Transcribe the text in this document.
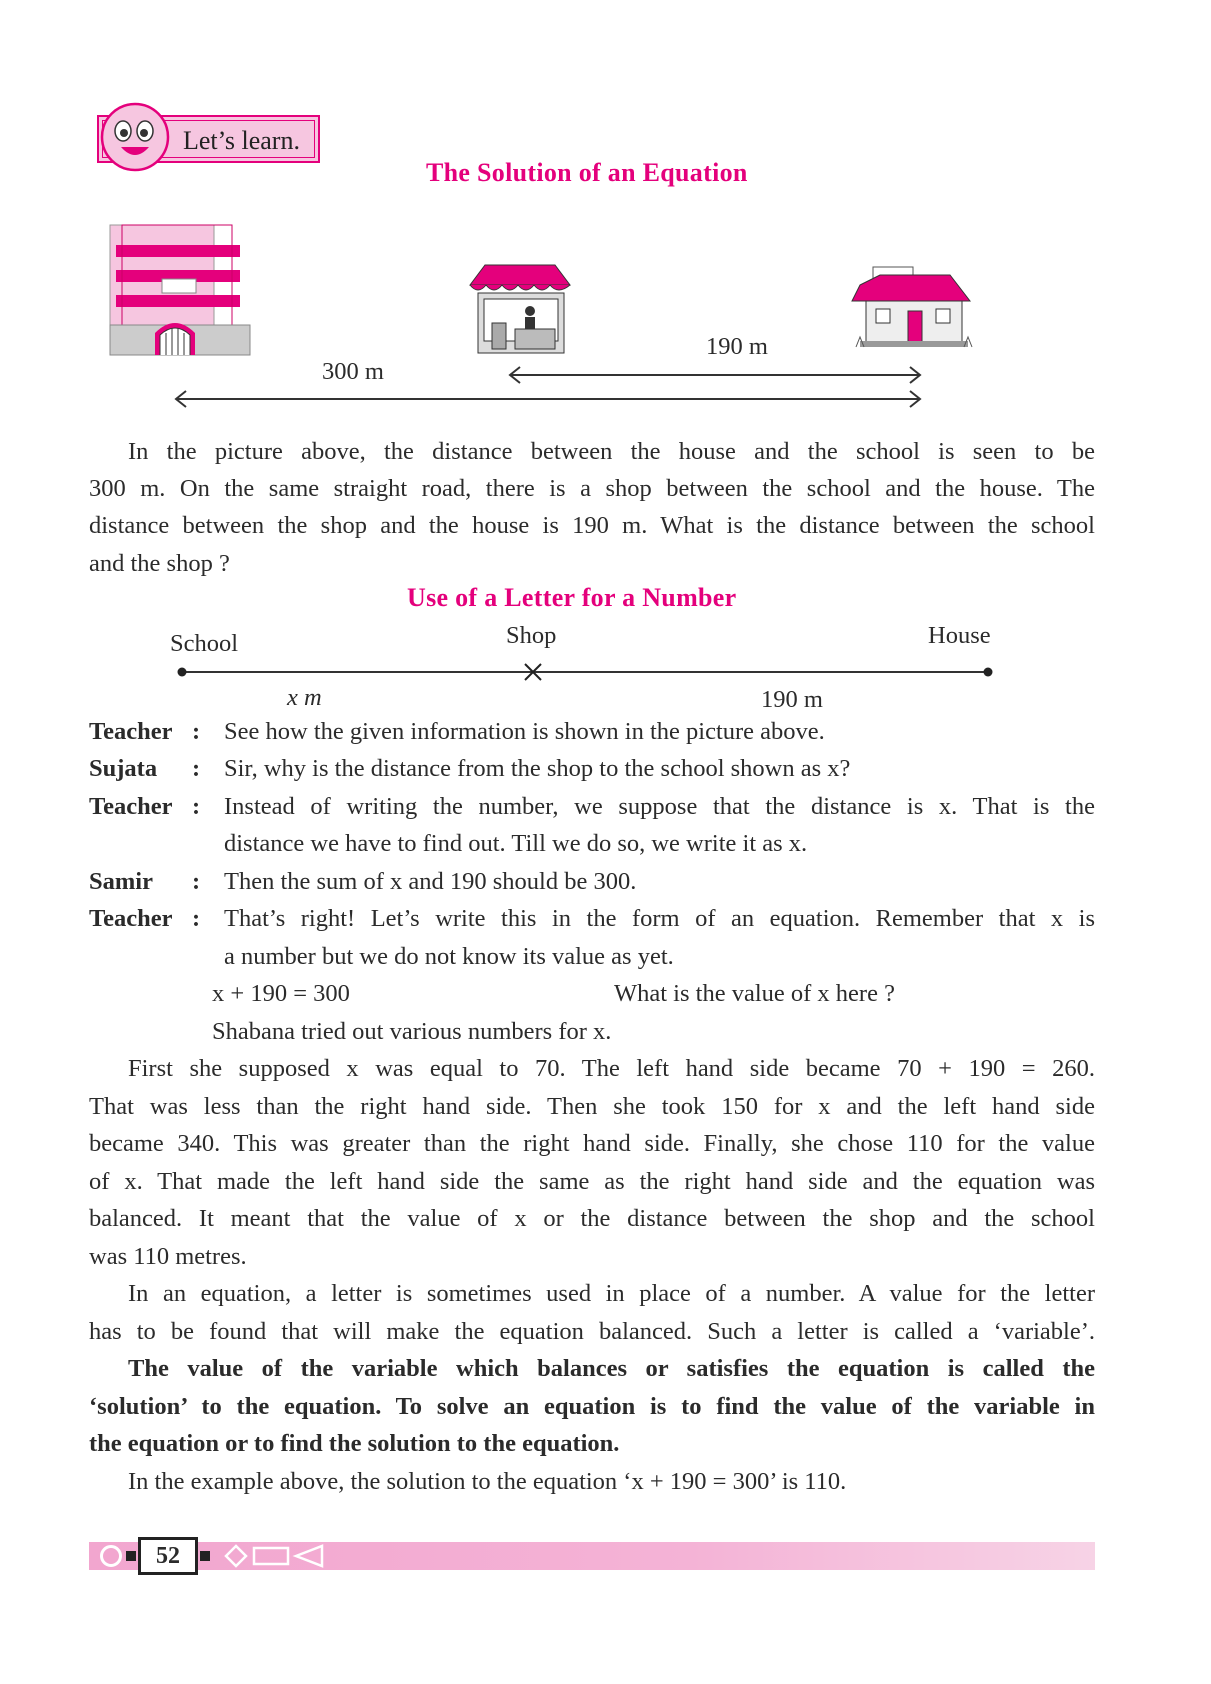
Let’s learn.
The Solution of an Equation
300 m
190 m
In the picture above, the distance between the house and the school is seen to be
300 m. On the same straight road, there is a shop between the school and the house. The
distance between the shop and the house is 190 m. What is the distance between the school
and the shop ?
Use of a Letter for a Number
School	Shop	House
x m	190 m
Teacher : See how the given information is shown in the picture above.
Sujata : Sir, why is the distance from the shop to the school shown as x?
Teacher : Instead of writing the number, we suppose that the distance is x. That is the
distance we have to find out. Till we do so, we write it as x.
Samir : Then the sum of x and 190 should be 300.
Teacher : That’s right! Let’s write this in the form of an equation. Remember that x is
a number but we do not know its value as yet.
x + 190 = 300	What is the value of x here ?
Shabana tried out various numbers for x.
First she supposed x was equal to 70. The left hand side became 70 + 190 = 260.
That was less than the right hand side. Then she took 150 for x and the left hand side
became 340. This was greater than the right hand side. Finally, she chose 110 for the value
of x. That made the left hand side the same as the right hand side and the equation was
balanced. It meant that the value of x or the distance between the shop and the school
was 110 metres.
In an equation, a letter is sometimes used in place of a number. A value for the letter
has to be found that will make the equation balanced. Such a letter is called a ‘variable’.
The value of the variable which balances or satisfies the equation is called the
‘solution’ to the equation. To solve an equation is to find the value of the variable in
the equation or to find the solution to the equation.
In the example above, the solution to the equation ‘x + 190 = 300’ is 110.
52
